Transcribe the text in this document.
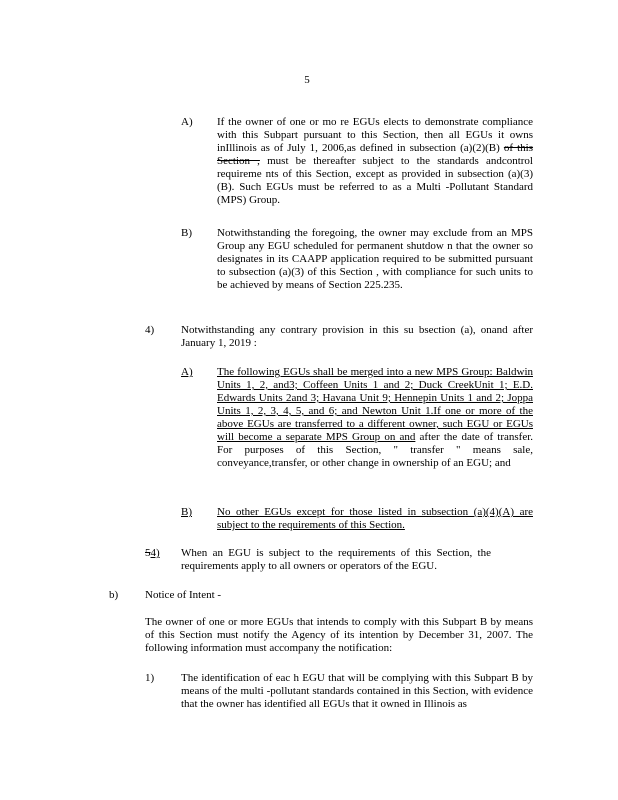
5
A) If the owner of one or mo re EGUs elects to demonstrate compliance with this Subpart pursuant to this Section, then all EGUs it owns inIllinois as of July 1, 2006,as defined in subsection (a)(2)(B) of this Section , must be thereafter subject to the standards andcontrol requireme nts of this Section, except as provided in subsection (a)(3)(B). Such EGUs must be referred to as a Multi -Pollutant Standard (MPS) Group.
B) Notwithstanding the foregoing, the owner may exclude from an MPS Group any EGU scheduled for permanent shutdow n that the owner so designates in its CAAPP application required to be submitted pursuant to subsection (a)(3) of this Section , with compliance for such units to be achieved by means of Section 225.235.
4) Notwithstanding any contrary provision in this su bsection (a), onand after January 1, 2019 :
A) The following EGUs shall be merged into a new MPS Group: Baldwin Units 1, 2, and3; Coffeen Units 1 and 2; Duck CreekUnit 1; E.D. Edwards Units 2and 3; Havana Unit 9; Hennepin Units 1 and 2; Joppa Units 1, 2, 3, 4, 5, and 6; and Newton Unit 1.If one or more of the above EGUs are transferred to a different owner, such EGU or EGUs will become a separate MPS Group on and after the date of transfer. For purposes of this Section, " transfer " means sale, conveyance,transfer, or other change in ownership of an EGU; and
B) No other EGUs except for those listed in subsection (a)(4)(A) are subject to the requirements of this Section.
54) When an EGU is subject to the requirements of this Section, the requirements apply to all owners or operators of the EGU.
b) Notice of Intent -
The owner of one or more EGUs that intends to comply with this Subpart B by means of this Section must notify the Agency of its intention by December 31, 2007. The following information must accompany the notification:
1) The identification of eac h EGU that will be complying with this Subpart B by means of the multi -pollutant standards contained in this Section, with evidence that the owner has identified all EGUs that it owned in Illinois as
